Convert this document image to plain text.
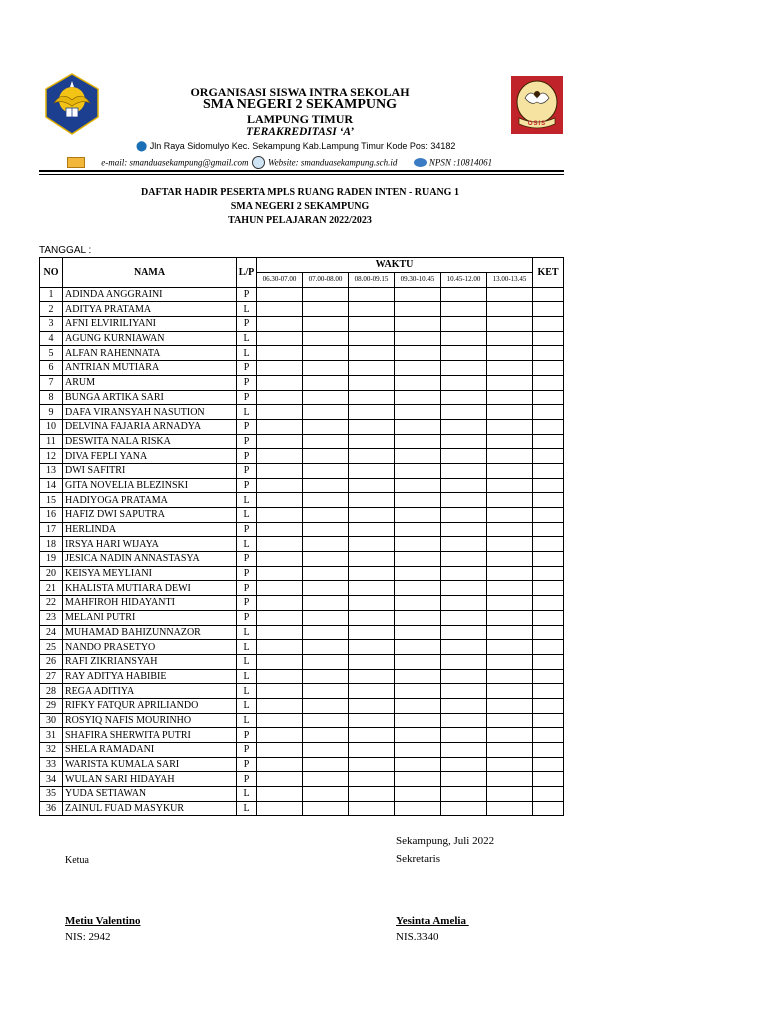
ORGANISASI SISWA INTRA SEKOLAH
SMA NEGERI 2 SEKAMPUNG
LAMPUNG TIMUR
TERAKREDITASI ‘A’
OSIS
⬤ Jln Raya Sidomulyo Kec. Sekampung Kab.Lampung Timur Kode Pos: 34182
e-mail: smanduasekampung@gmail.com Website: smanduasekampung.sch.id	NPSN :10814061
DAFTAR HADIR PESERTA MPLS RUANG RADEN INTEN - RUANG 1
SMA NEGERI 2 SEKAMPUNG
TAHUN PELAJARAN 2022/2023
TANGGAL :
NO	NAMA	L/P	WAKTU						KET
			06.30-07.00	07.00-08.00	08.00-09.15	09.30-10.45	10.45-12.00	13.00-13.45	
1	ADINDA ANGGRAINI	P							
2	ADITYA PRATAMA	L							
3	AFNI ELVIRILIYANI	P							
4	AGUNG KURNIAWAN	L							
5	ALFAN RAHENNATA	L							
6	ANTRIAN MUTIARA	P							
7	ARUM	P							
8	BUNGA ARTIKA SARI	P							
9	DAFA VIRANSYAH NASUTION	L							
10	DELVINA FAJARIA ARNADYA	P							
11	DESWITA NALA RISKA	P							
12	DIVA FEPLI YANA	P							
13	DWI SAFITRI	P							
14	GITA NOVELIA BLEZINSKI	P							
15	HADIYOGA PRATAMA	L							
16	HAFIZ DWI SAPUTRA	L							
17	HERLINDA	P							
18	IRSYA HARI WIJAYA	L							
19	JESICA NADIN ANNASTASYA	P							
20	KEISYA MEYLIANI	P							
21	KHALISTA MUTIARA DEWI	P							
22	MAHFIROH HIDAYANTI	P							
23	MELANI PUTRI	P							
24	MUHAMAD BAHIZUNNAZOR	L							
25	NANDO PRASETYO	L							
26	RAFI ZIKRIANSYAH	L							
27	RAY ADITYA HABIBIE	L							
28	REGA ADITIYA	L							
29	RIFKY FATQUR APRILIANDO	L							
30	ROSYIQ NAFIS MOURINHO	L							
31	SHAFIRA SHERWITA PUTRI	P							
32	SHELA RAMADANI	P							
33	WARISTA KUMALA SARI	P							
34	WULAN SARI HIDAYAH	P							
35	YUDA SETIAWAN	L							
36	ZAINUL FUAD MASYKUR	L							
Sekampung, Juli 2022
Ketua	Sekretaris
Metiu Valentino
NIS: 2942
Yesinta Amelia
NIS.3340
